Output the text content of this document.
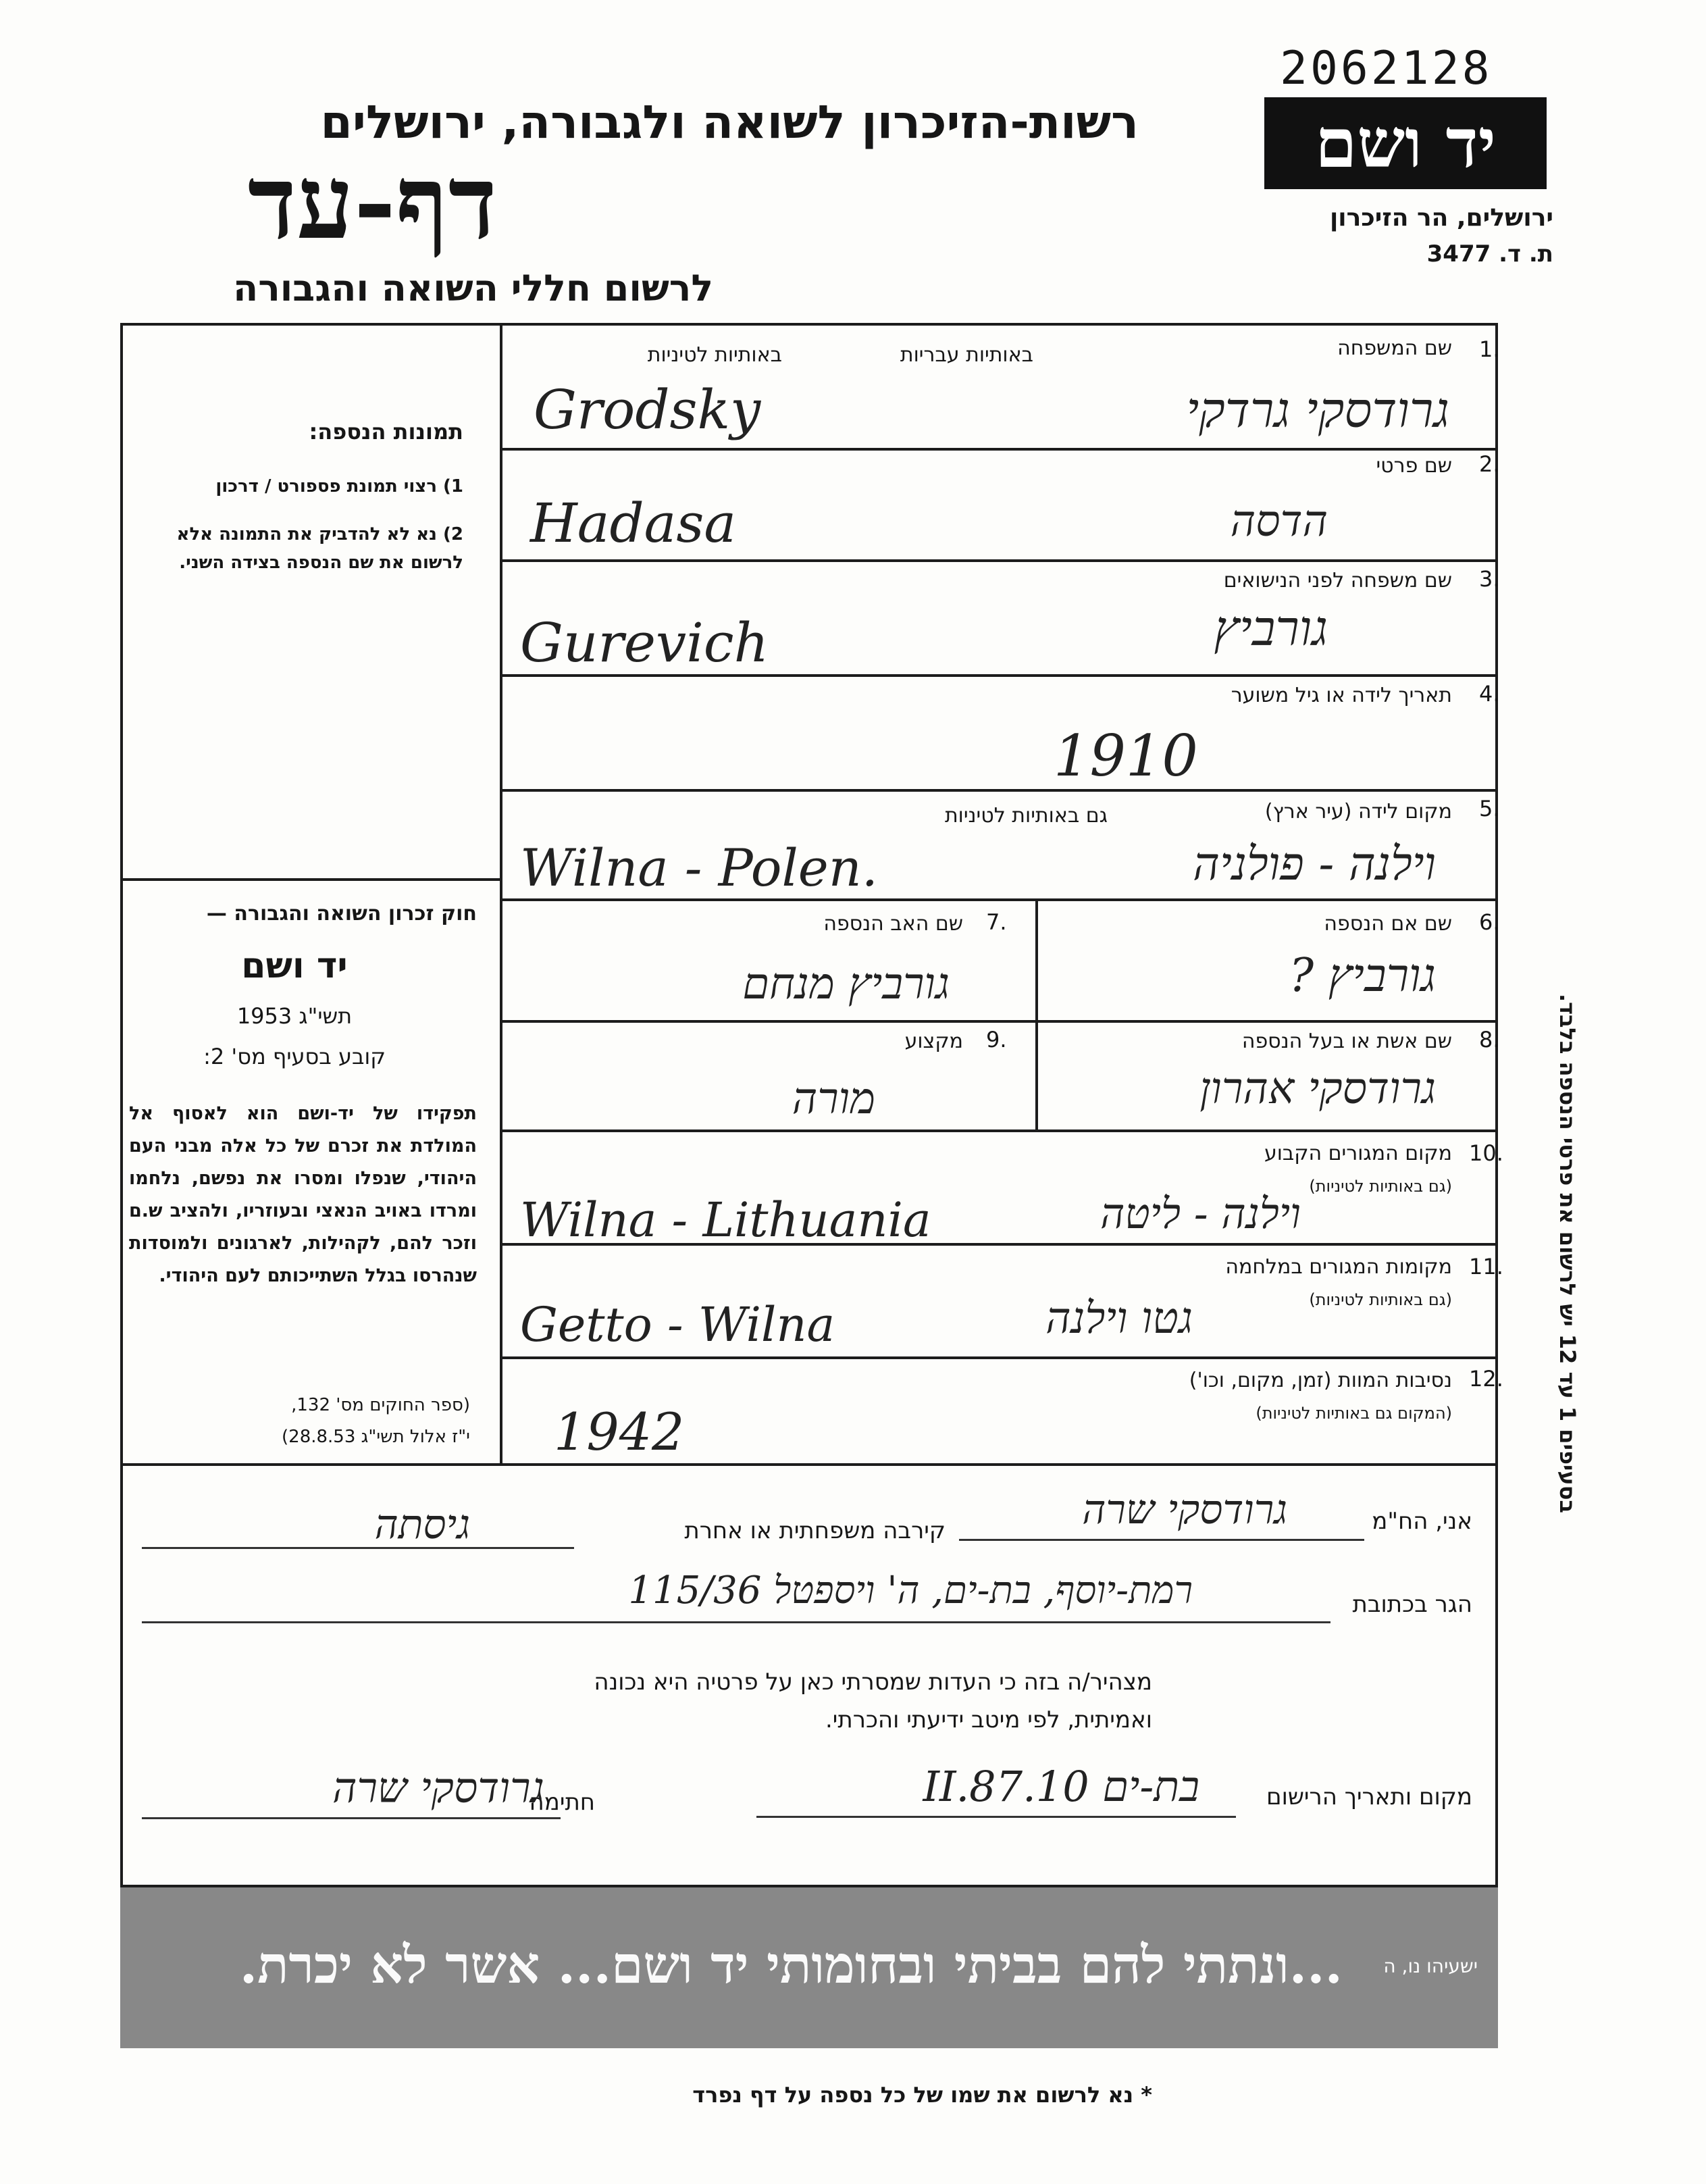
2062128
יד ושם
ירושלים, הר הזיכרון
ת. ד. 3477
רשות-הזיכרון לשואה ולגבורה, ירושלים
דף-עד
לרשום חללי השואה והגבורה
תמונות הנספה:
1) רצוי תמונת פספורט / דרכון
2) נא לא להדביק את התמונה אלא לרשום את שם הנספה בצידה השני.
חוק זכרון השואה והגבורה —
יד ושם
תשי"ג 1953
קובע בסעיף מס' 2:
תפקידו של יד-ושם הוא לאסוף אל המולדת את זכרם של כל אלה מבני העם היהודי, שנפלו ומסרו את נפשם, נלחמו ומרדו באויב הנאצי ובעוזריו, ולהציב ש.ם וזכר להם, לקהילות, לארגונים ולמוסדות שנהרסו בגלל השתייכותם לעם היהודי.
(ספר החוקים מס' 132,
י"ז אלול תשי"ג 28.8.53)
1.
שם המשפחה
באותיות עבריות
באותיות לטיניות
Grodsky	גרודסקי גרדקי
2.
שם פרטי
Hadasa	הדסה
3.
שם משפחה לפני הנישואים
Gurevich	גורביץ
4.
תאריך לידה או גיל משוער
1910
5.
מקום לידה (עיר ארץ)
גם באותיות לטיניות
Wilna - Polen.	וילנה - פולניה
6.
שם אם הנספה
גורביץ ?
7.
שם האב הנספה
גורביץ מנחם
8.
שם אשת או בעל הנספה
גרודסקי אהרון
9.
מקצוע
מורה
10.
מקום המגורים הקבוע
(גם באותיות לטיניות)
Wilna - Lithuania	וילנה - ליטה
11.
מקומות המגורים במלחמה
(גם באותיות לטיניות)
Getto - Wilna	גטו וילנה
12.
נסיבות המוות (זמן, מקום, וכו')
(המקום גם באותיות לטיניות)
1942
בסעיפים 1 עד 12 יש לרשום את פרטי הנספה בלבד.
אני, הח"מ
גרודסקי שרה
קירבה משפחתית או אחרת
גיסתה
הגר בכתובת
רמת-יוסף, בת-ים, ה' ויספטל 115/36
מצהיר/ה בזה כי העדות שמסרתי כאן על פרטיה היא נכונה ואמיתית, לפי מיטב ידיעתי והכרתי.
מקום ותאריך הרישום
בת-ים 10.II.87
חתימה
גרודסקי שרה
...ונתתי להם בביתי ובחומותי יד ושם... אשר לא יכרת. ישעיהו נו, ה
* נא לרשום את שמו של כל נספה על דף נפרד
